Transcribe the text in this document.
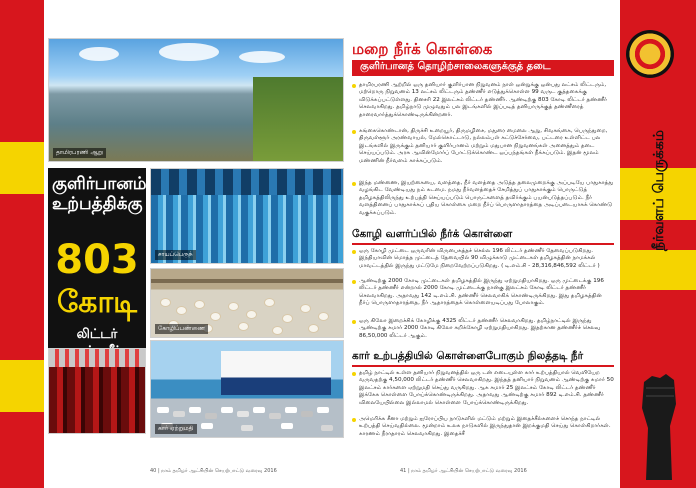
நீர்வளப் பெருக்கம்
தாமிரபரணி ஆறு
குளிர்பானம் உற்பத்திக்கு
803
கோடி
லிட்டர்
சாயப்பெருந்
கோழிப்பண்ணை
கார் ஏற்றுமதி
மறை நீர்க் கொள்கை
குளிர்பானத் தொழிற்சாலைகளுக்குத் தடை
தாமிரபரணி ஆற்றில் ஒரு தனியார் குளிர்பான நிறுவனம் நாள் ஒன்றுக்கு ஒன்பது லட்சம் லிட்டரும், மற்றொரு நிறுவனம் 13 லட்சம் லிட்டரும் தண்ணீர் எடுத்துக்கொள்ள 99 வருட குத்தகைக்கு விடுக்கப்பட்டுள்ளது. தினசரி 22 இலட்சம் லிட்டர் தண்ணீர். ஆண்டிற்கு 803 கோடி லிட்டர் தண்ணீர் செலவாகிறது. தமிழ்நாடு முழுவதும் பல இடங்களில் இப்படித் தனியாருக்குத் தண்ணீரைத் தாரைவார்த்துக்கொண்டிருக்கின்றனர்.
கங்கைகொண்டான், திருச்சி உறையூர், திருமழிசை, மதுரை மைலை ஆறு, சிவகங்கை, பெருந்துறை, திருவள்ளூர் அரண்வாயல், மேல்கொட்டாடு, நல்லம்பள் கட்டுச்சேர்வை, பட்டரை உள்ளிட்ட பல இடங்களில் இருக்கும் தனியார் குளிர்பானம் மற்றும் மதுபான நிறுவனங்கள் அனைத்தும் தடை செய்யப்படும். அரசு ஆவின்மோர்ப் போட்டுக்கொண்ட ஒப்பந்தங்கள் நீக்கப்படும். இதன் மூலம் மண்ணின் நீர்வளம் காக்கப்படும்.
இந்த மண்ணை, இயற்கையை, வளத்தை, நீர் வளத்தை அடுத்த தலைமுறைக்கு அப்படியே பாதுகாத்து வழங்கிட வேண்டியது நம் கடமை. நமது நீர்வளத்தைச் சேமித்துப் பாதுகாக்கும் பொருட்டுத் தமிழகத்திலிருந்து உற்பத்தி செய்யப்படும் பொருட்களைத் தவிர்க்கும் பயன்படுத்தப்படும். நீர் வளத்தினைப் பாதுகாக்கப் புதிய கொள்கை மறை நீர்ப் பொருளாதாரத்தை அடிப்படையாகக் கொண்டு வகுக்கப்படும்.
கோழி வளர்ப்பில் நீர்க் கொள்ளை
ஒரு கோழி முட்டை ஒருவரின் விருபைகத்தச் செல்ல 196 லிட்டர் தண்ணீர் தேவைப்படுகிறது. இந்தியாவின் மொத்த முட்டைத் தேவையில் 90 விழுக்காடு முட்டைகள் தமிழகத்தின் நாமக்கல் மாவட்டத்தில் இருந்து மட்டுமே நிறைவேற்றப்படுகிறது. ( டி.எம்.சி - 28,316,846,592 லிட்டர் )
ஆண்டிற்கு 2000 கோடி முட்டைகள் தமிழகத்தில் இருந்து ஏற்றுமதியாகிறது. ஒரு முட்டைக்கு 196 லிட்டர் தண்ணீர் என்றால் 2000 கோடி முட்டைக்கு நான்கு இலட்சம் கோடி லிட்டர் தண்ணீர் செலவாகிறது. அதாவது 142 டி.எம்.சி. தண்ணீர் செலவாகிக் கொண்டிருக்கிறது. இது தமிழகத்தின் நீர்ப் பொருளாதாரத்தை, நீர் ஆதாரத்தைக் கொள்ளையடிப்பது போலாகும்.
ஒரு கிலோ இறைச்சிக் கோழிக்கு 4325 லிட்டர் தண்ணீர் செலவாகிறது. தமிழ்நாட்டில் இருந்து ஆண்டிற்கு சுமார் 2000 கோடி கிலோ கறிக்கோழி ஏற்றுமதியாகிறது. இதற்கான தண்ணீர்ச் செலவு 86,50,000 லிட்டர் ஆகும்.
கார் உற்பத்தியில் கொள்ளைபோகும் நிலத்தடி நீர்
தமிழ் நாட்டில் உள்ள தனியார் நிறுவனத்தில் ஒரு டன் எடையுள்ள கார் உற்பத்தியால் வெளியேற வருவதற்கு 4,50,000 லிட்டர் தண்ணீர் செலவாகிறது. இந்தத் தனியார் நிறுவனம் ஆண்டிற்கு சுமார் 50 இலட்சம் கார்களை ஏற்றுமதி செய்து வருகிறது. ஆக சுமார் 25 இலட்சம் கோடி லிட்டர் தண்ணீர் இக்கேக கொள்ளை போய்க்கொண்டிருக்கிறது. அதாவது ஆண்டிற்கு சுமார் 892 டி.எம்.சி. தண்ணீர் விலையேயில்லை இல்லாமல் கொள்ளை போய்க்கொண்டிருக்கிறது.
அமெரிக்க சீனா மற்றும் ஐரோப்பிய நாடுகளில் மட்டும் மற்றும் இதைச்சீல்களைச் சொந்த நாட்டில் உற்பத்தி செய்வதில்லை. மூன்றாம் உலக நாடுகளில் இருந்துதான் இறக்குமதி செய்து கொள்கிறார்கள். காரணம் நீராதாரம் செலவாகிறது. இதைச்சீ
40 | நாம் தமிழர் ஆட்சியின் செயற்பாட்டு வரைவு 2016	41 | நாம் தமிழர் ஆட்சியின் செயற்பாட்டு வரைவு 2016
